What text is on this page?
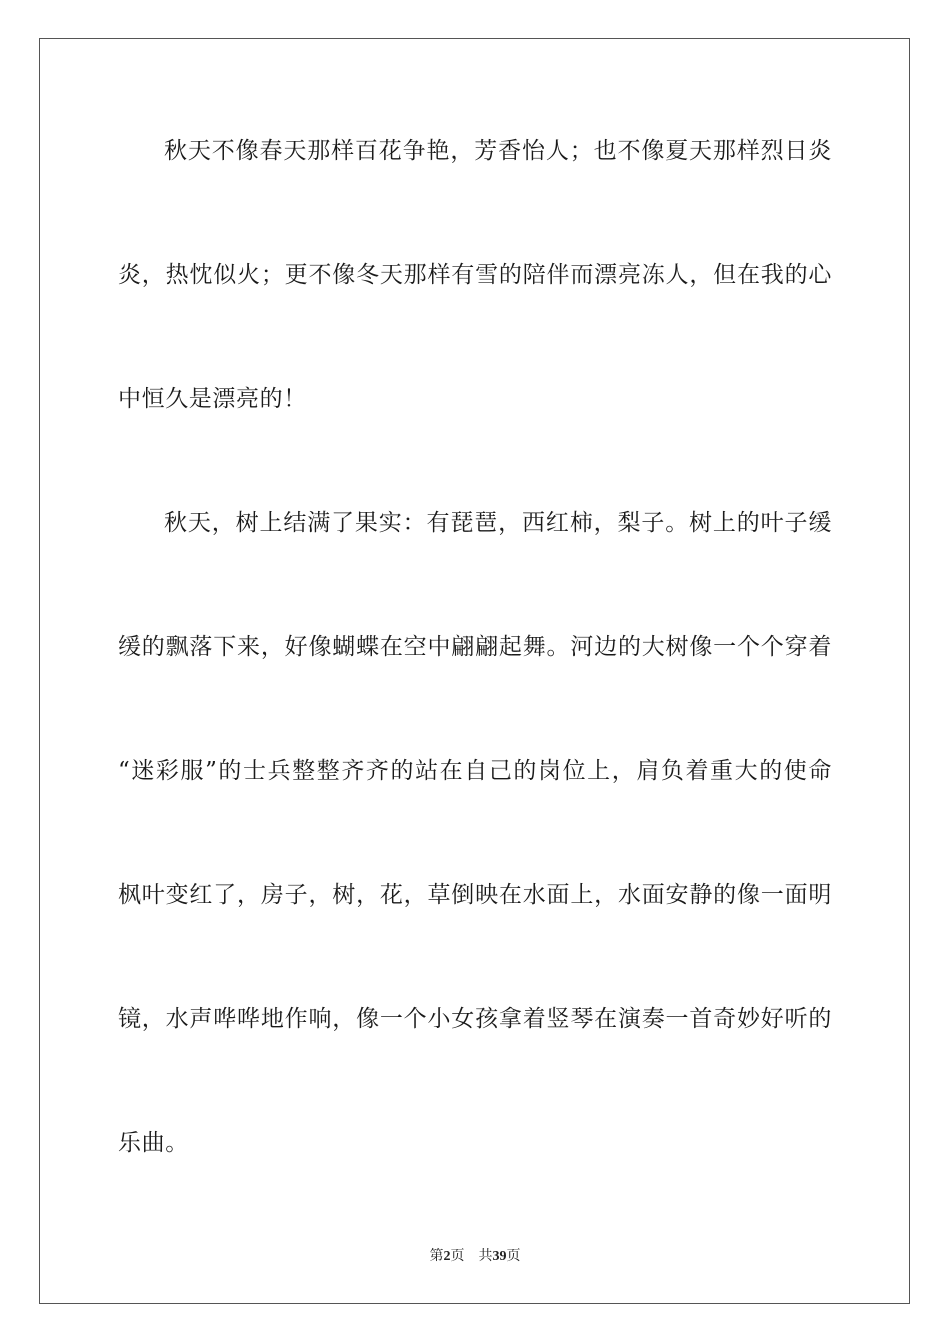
秋天不像春天那样百花争艳，芳香怡人；也不像夏天那样烈日炎
炎，热忱似火；更不像冬天那样有雪的陪伴而漂亮冻人，但在我的心
中恒久是漂亮的！
秋天，树上结满了果实：有琵琶，西红柿，梨子。树上的叶子缓
缓的飘落下来，好像蝴蝶在空中翩翩起舞。河边的大树像一个个穿着
“迷彩服”的士兵整整齐齐的站在自己的岗位上，肩负着重大的使命
枫叶变红了，房子，树，花，草倒映在水面上，水面安静的像一面明
镜，水声哗哗地作响，像一个小女孩拿着竖琴在演奏一首奇妙好听的
乐曲。
第2页 共39页
